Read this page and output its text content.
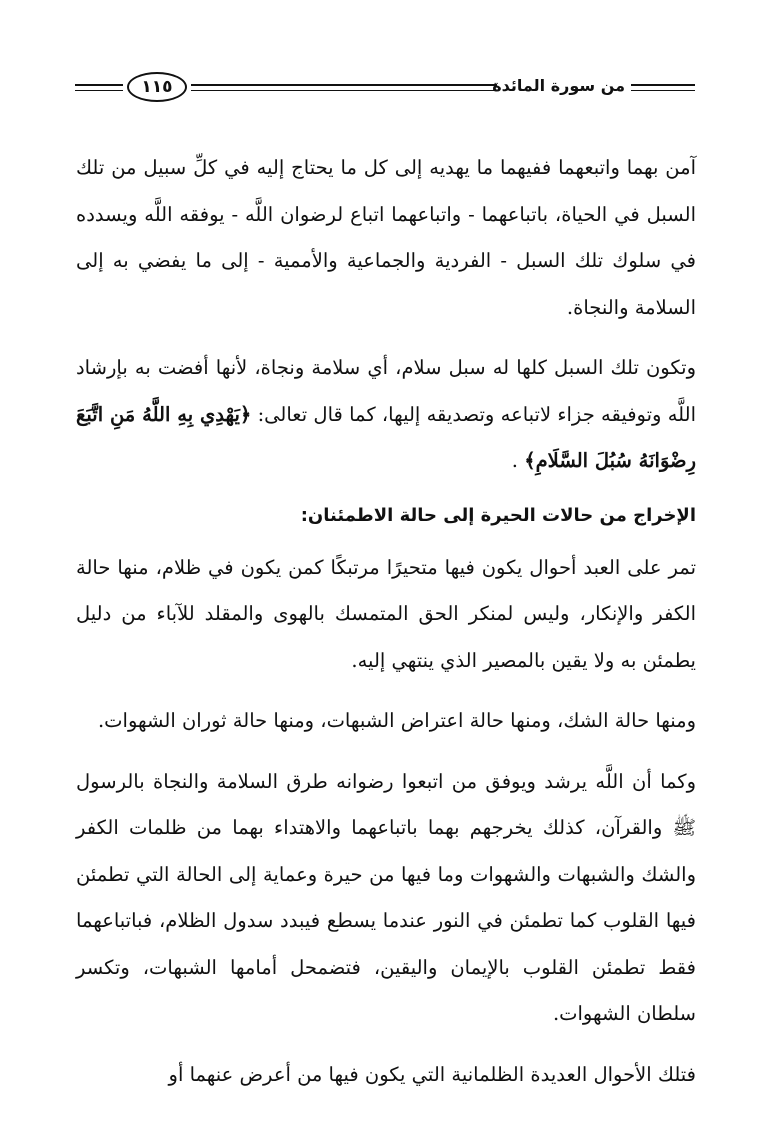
من سورة المائدة
١١٥

آمن بهما واتبعهما ففيهما ما يهديه إلى كل ما يحتاج إليه في كلِّ سبيل من تلك السبل في الحياة، باتباعهما - واتباعهما اتباع لرضوان اللَّه - يوفقه اللَّه ويسدده في سلوك تلك السبل - الفردية والجماعية والأممية - إلى ما يفضي به إلى السلامة والنجاة.

وتكون تلك السبل كلها له سبل سلام، أي سلامة ونجاة، لأنها أفضت به بإرشاد اللَّه وتوفيقه جزاء لاتباعه وتصديقه إليها، كما قال تعالى: ﴿يَهْدِي بِهِ اللَّهُ مَنِ اتَّبَعَ رِضْوَانَهُ سُبُلَ السَّلَامِ﴾ .

الإخراج من حالات الحيرة إلى حالة الاطمئنان:

تمر على العبد أحوال يكون فيها متحيرًا مرتبكًا كمن يكون في ظلام، منها حالة الكفر والإنكار، وليس لمنكر الحق المتمسك بالهوى والمقلد للآباء من دليل يطمئن به ولا يقين بالمصير الذي ينتهي إليه.

ومنها حالة الشك، ومنها حالة اعتراض الشبهات، ومنها حالة ثوران الشهوات.

وكما أن اللَّه يرشد ويوفق من اتبعوا رضوانه طرق السلامة والنجاة بالرسول ﷺ والقرآن، كذلك يخرجهم بهما باتباعهما والاهتداء بهما من ظلمات الكفر والشك والشبهات والشهوات وما فيها من حيرة وعماية إلى الحالة التي تطمئن فيها القلوب كما تطمئن في النور عندما يسطع فيبدد سدول الظلام، فباتباعهما فقط تطمئن القلوب بالإيمان واليقين، فتضمحل أمامها الشبهات، وتكسر سلطان الشهوات.

فتلك الأحوال العديدة الظلمانية التي يكون فيها من أعرض عنهما أو
